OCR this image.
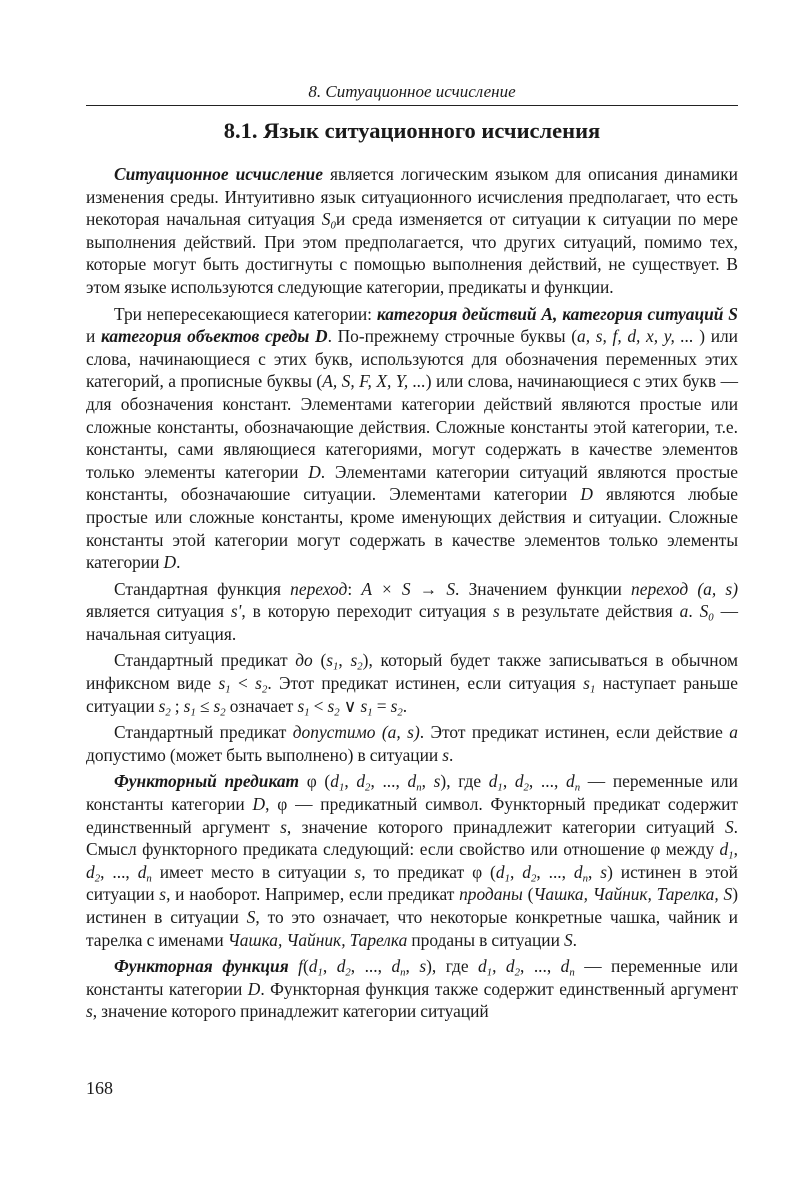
8. Ситуационное исчисление
8.1. Язык ситуационного исчисления

Ситуационное исчисление является логическим языком для описания динамики изменения среды. Интуитивно язык ситуационного исчисления предполагает, что есть некоторая начальная ситуация $S_0и$ среда изменяется от ситуации к ситуации по мере выполнения действий. При этом предполагается, что других ситуаций, помимо тех, которые могут быть достигнуты с помощью выполнения действий, не существует. В этом языке используются следующие категории, предикаты и функции.

Три непересекающиеся категории: категория действий A, категория ситуаций S и категория объектов среды D. По-прежнему строчные буквы (a, s, f, d, x, y, ... ) или слова, начинающиеся с этих букв, используются для обозначения переменных этих категорий, а прописные буквы (A, S, F, X, Y, ...) или слова, начинающиеся с этих букв — для обозначения констант. Элементами категории действий являются простые или сложные константы, обозначающие действия. Сложные константы этой категории, т.е. константы, сами являющиеся категориями, могут содержать в качестве элементов только элементы категории D. Элементами категории ситуаций являются простые константы, обозначаюшие ситуации. Элементами категории D являются любые простые или сложные константы, кроме именующих действия и ситуации. Сложные константы этой категории могут содержать в качестве элементов только элементы категории D.

Стандартная функция переход: A × S → S. Значением функции переход (a, s) является ситуация s', в которую переходит ситуация s в результате действия a. $S_0$ — начальная ситуация.

Стандартный предикат до ($s_1$, $s_2$), который будет также записываться в обычном инфиксном виде $s_1 < s_2$. Этот предикат истинен, если ситуация $s_1$ наступает раньше ситуации $s_2$ ; $s_1 \le s_2$ означает $s_1 < s_2$ ∨ $s_1 = s_2$.

Стандартный предикат допустимо (a, s). Этот предикат истинен, если действие a допустимо (может быть выполнено) в ситуации s.

Функторный предикат φ ($d_1$, $d_2$, ..., $d_n$, s), где $d_1$, $d_2$, ..., $d_n$ — переменные или константы категории D, φ — предикатный символ. Функторный предикат содержит единственный аргумент s, значение которого принадлежит категории ситуаций S. Смысл функторного предиката следующий: если свойство или отношение φ между $d_1$, $d_2$, ..., $d_n$ имеет место в ситуации s, то предикат φ ($d_1$, $d_2$, ..., $d_n$, s) истинен в этой ситуации s, и наоборот. Например, если предикат проданы (Чашка, Чайник, Тарелка, S) истинен в ситуации S, то это означает, что некоторые конкретные чашка, чайник и тарелка с именами Чашка, Чайник, Тарелка проданы в ситуации S.

Функторная функция $f(d_1$, $d_2$, ..., $d_n$, s), где $d_1$, $d_2$, ..., $d_n$ — переменные или константы категории D. Функторная функция также содержит единственный аргумент s, значение которого принадлежит категории ситуаций

168
